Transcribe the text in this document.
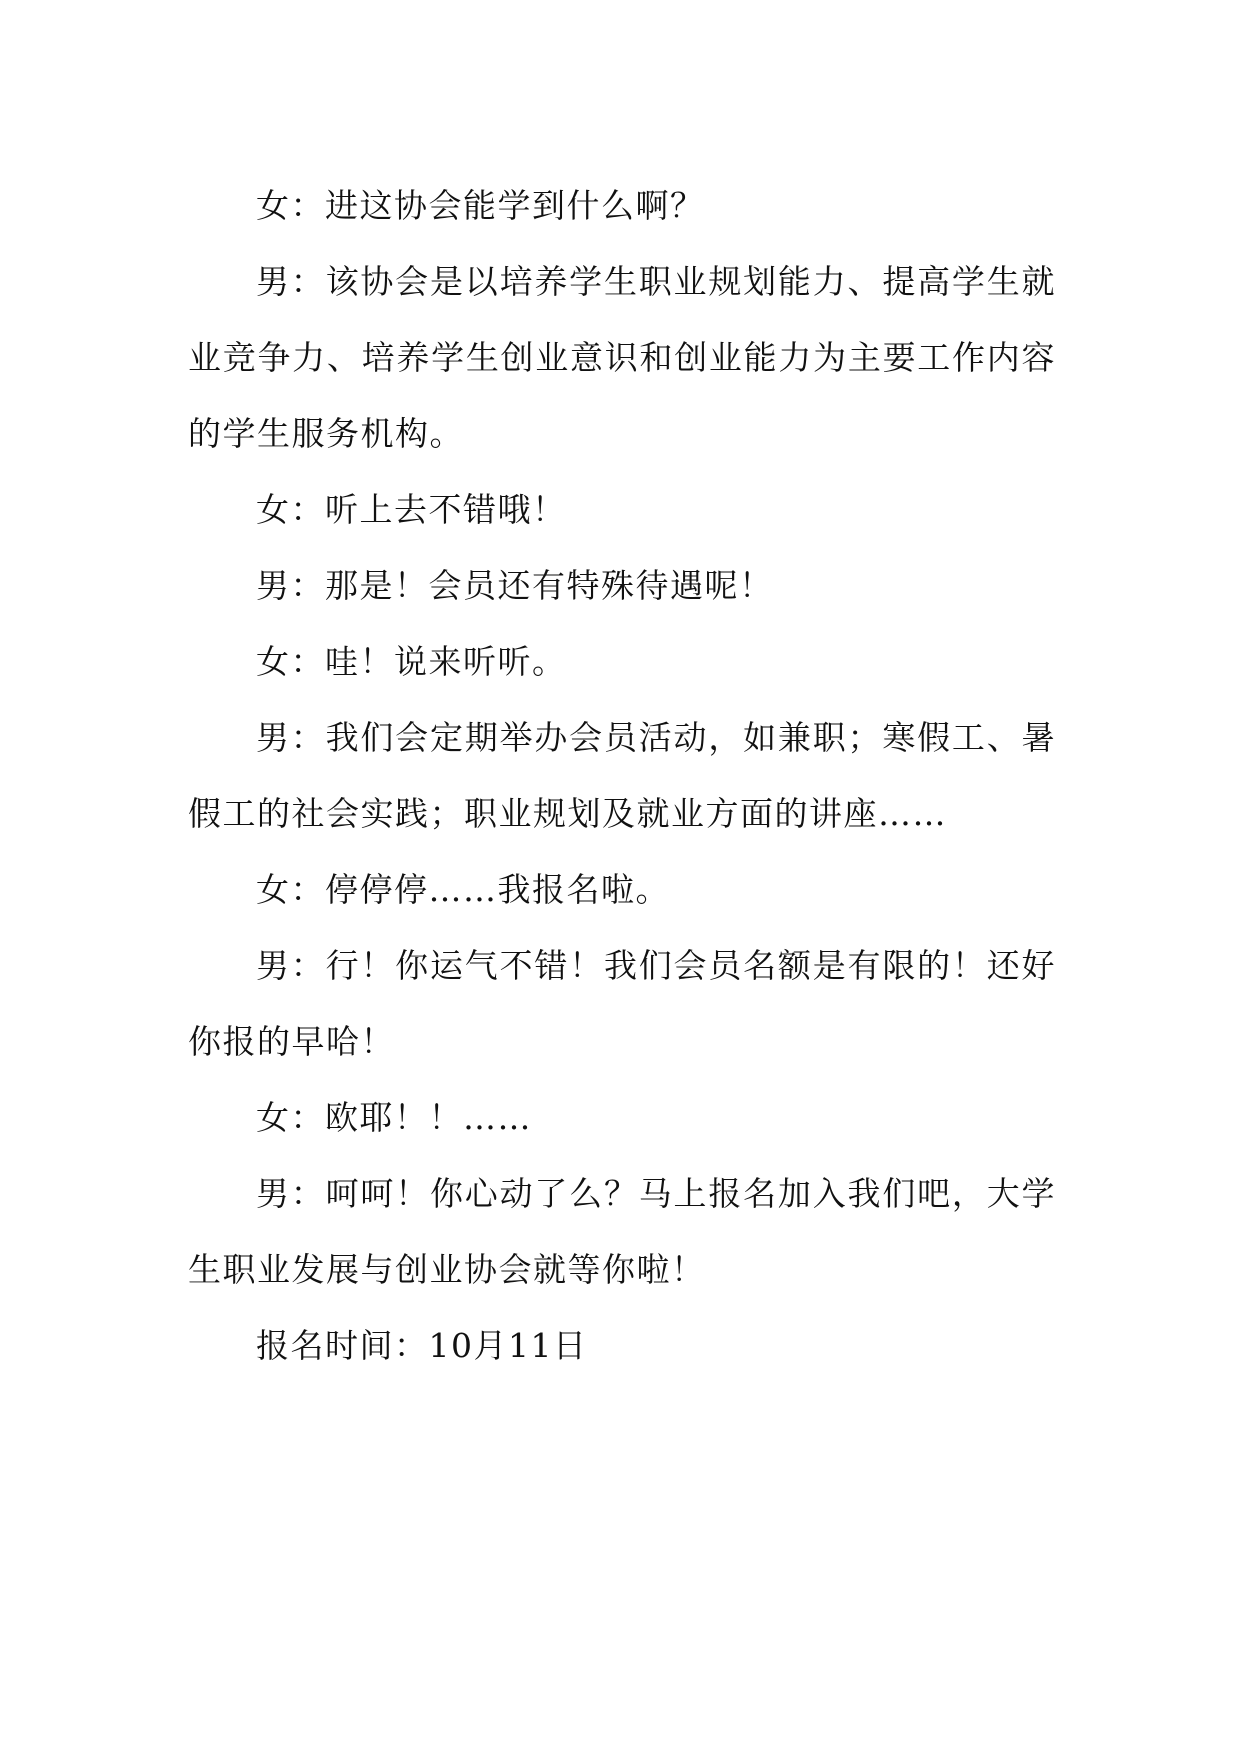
女：进这协会能学到什么啊？

男：该协会是以培养学生职业规划能力、提高学生就业竞争力、培养学生创业意识和创业能力为主要工作内容的学生服务机构。

女：听上去不错哦！

男：那是！会员还有特殊待遇呢！

女：哇！说来听听。

男：我们会定期举办会员活动，如兼职；寒假工、暑假工的社会实践；职业规划及就业方面的讲座……

女：停停停……我报名啦。

男：行！你运气不错！我们会员名额是有限的！还好你报的早哈！

女：欧耶！！……

男：呵呵！你心动了么？马上报名加入我们吧，大学生职业发展与创业协会就等你啦！

报名时间：10月11日
